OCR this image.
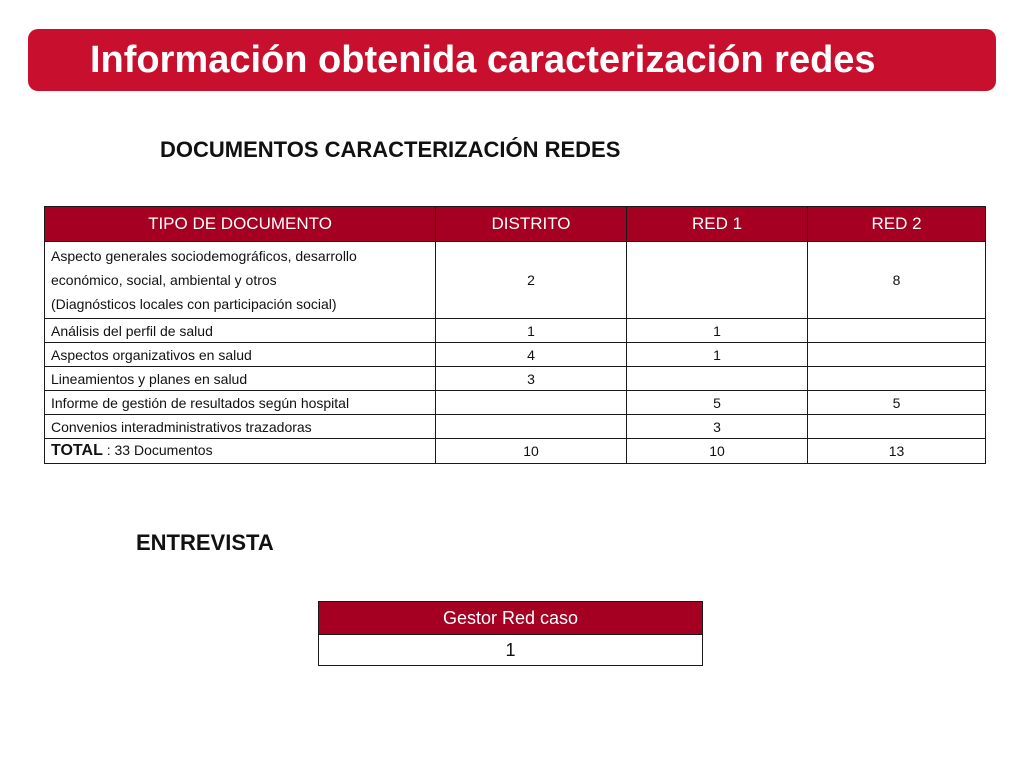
Información obtenida caracterización redes
DOCUMENTOS CARACTERIZACIÓN REDES
TIPO DE DOCUMENTO	DISTRITO	RED 1	RED 2

Aspecto generales sociodemográficos, desarrollo
económico, social, ambiental y otros
(Diagnósticos locales con participación social)	2		8
Análisis del perfil de salud	1	1	
Aspectos organizativos en salud	4	1	
Lineamientos y planes en salud	3		
Informe de gestión de resultados según hospital		5	5
Convenios interadministrativos trazadoras		3	
TOTAL : 33 Documentos	10	10	13
ENTREVISTA
Gestor Red caso
1
